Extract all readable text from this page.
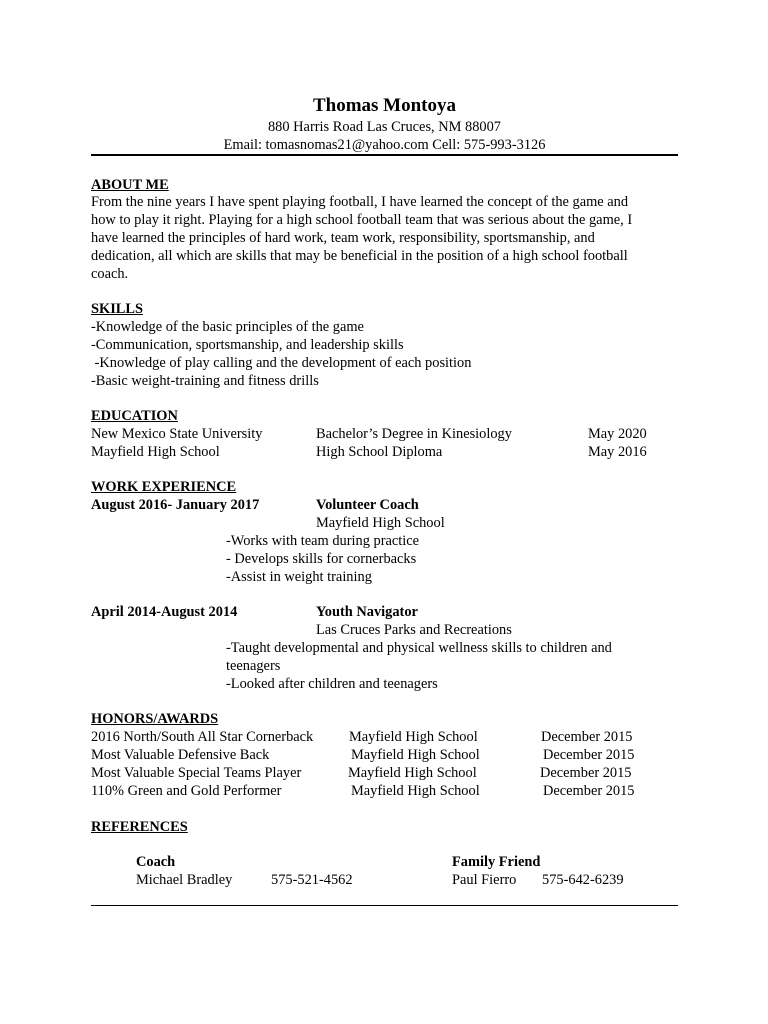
Thomas Montoya
880 Harris Road Las Cruces, NM 88007
Email: tomasnomas21@yahoo.com Cell: 575-993-3126
ABOUT ME
From the nine years I have spent playing football, I have learned the concept of the game and
how to play it right. Playing for a high school football team that was serious about the game, I
have learned the principles of hard work, team work, responsibility, sportsmanship, and
dedication, all which are skills that may be beneficial in the position of a high school football
coach.
SKILLS
-Knowledge of the basic principles of the game
-Communication, sportsmanship, and leadership skills
-Knowledge of play calling and the development of each position
-Basic weight-training and fitness drills
EDUCATION
New Mexico State University	Bachelor’s Degree in Kinesiology	May 2020
Mayfield High School	High School Diploma	May 2016
WORK EXPERIENCE
August 2016- January 2017	Volunteer Coach
Mayfield High School
-Works with team during practice
- Develops skills for cornerbacks
-Assist in weight training
April 2014-August 2014	Youth Navigator
Las Cruces Parks and Recreations
-Taught developmental and physical wellness skills to children and
teenagers
-Looked after children and teenagers
HONORS/AWARDS
2016 North/South All Star Cornerback Mayfield High School	December 2015
Most Valuable Defensive Back	Mayfield High School	December 2015
Most Valuable Special Teams Player	Mayfield High School	December 2015
110% Green and Gold Performer	Mayfield High School	December 2015
REFERENCES
Coach
Michael Bradley	575-521-4562
Family Friend
Paul Fierro 575-642-6239
